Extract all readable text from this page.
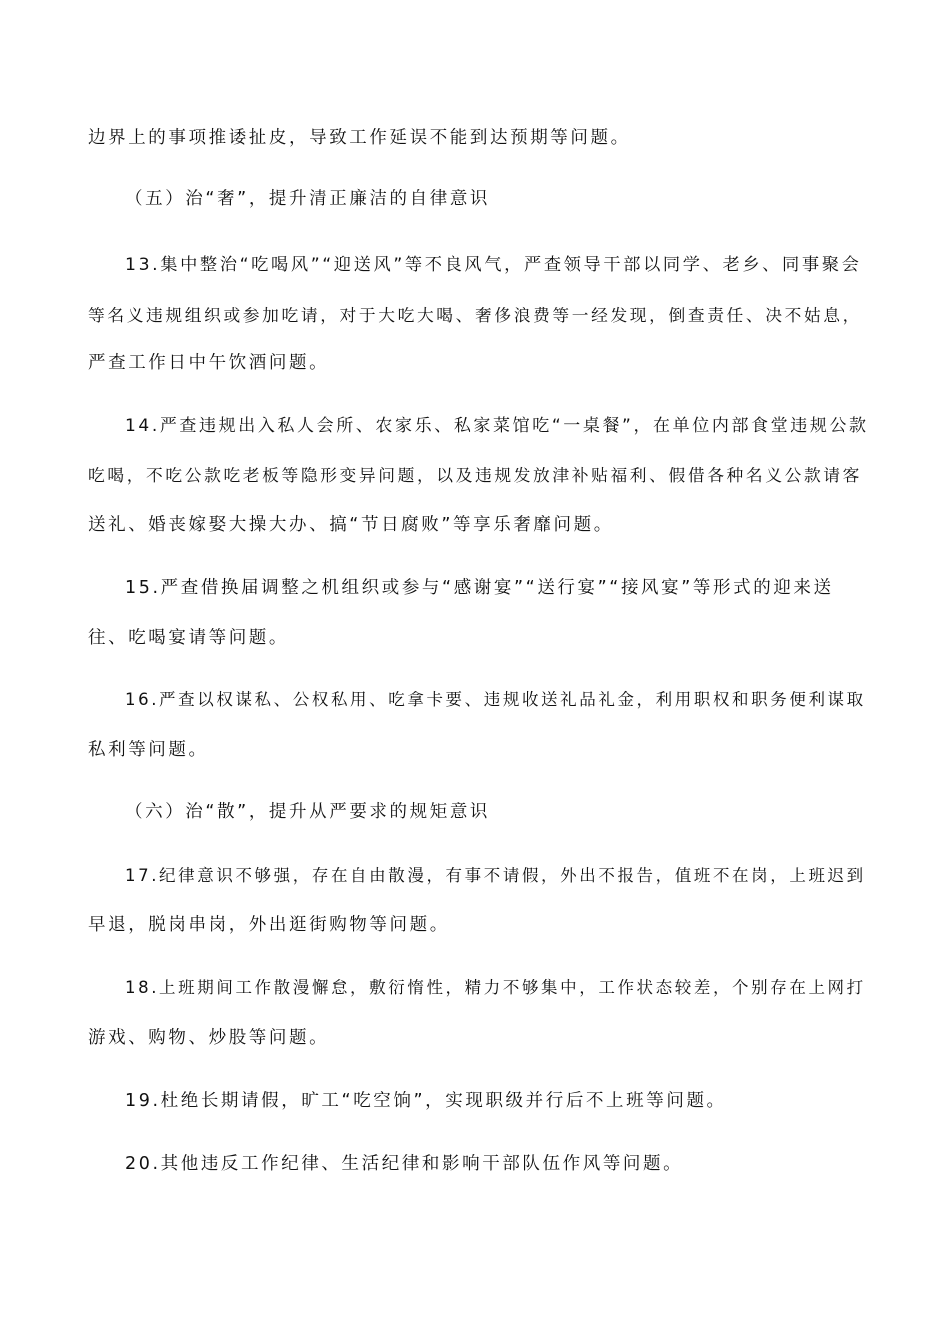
边界上的事项推诿扯皮，导致工作延误不能到达预期等问题。
（五）治“奢”，提升清正廉洁的自律意识
13.集中整治“吃喝风”“迎送风”等不良风气，严查领导干部以同学、老乡、同事聚会
等名义违规组织或参加吃请，对于大吃大喝、奢侈浪费等一经发现，倒查责任、决不姑息，
严查工作日中午饮酒问题。
14.严查违规出入私人会所、农家乐、私家菜馆吃“一桌餐”，在单位内部食堂违规公款
吃喝，不吃公款吃老板等隐形变异问题，以及违规发放津补贴福利、假借各种名义公款请客
送礼、婚丧嫁娶大操大办、搞“节日腐败”等享乐奢靡问题。
15.严查借换届调整之机组织或参与“感谢宴”“送行宴”“接风宴”等形式的迎来送
往、吃喝宴请等问题。
16.严查以权谋私、公权私用、吃拿卡要、违规收送礼品礼金，利用职权和职务便利谋取
私利等问题。
（六）治“散”，提升从严要求的规矩意识
17.纪律意识不够强，存在自由散漫，有事不请假，外出不报告，值班不在岗，上班迟到
早退，脱岗串岗，外出逛街购物等问题。
18.上班期间工作散漫懈怠，敷衍惰性，精力不够集中，工作状态较差，个别存在上网打
游戏、购物、炒股等问题。
19.杜绝长期请假，旷工“吃空饷”，实现职级并行后不上班等问题。
20.其他违反工作纪律、生活纪律和影响干部队伍作风等问题。
